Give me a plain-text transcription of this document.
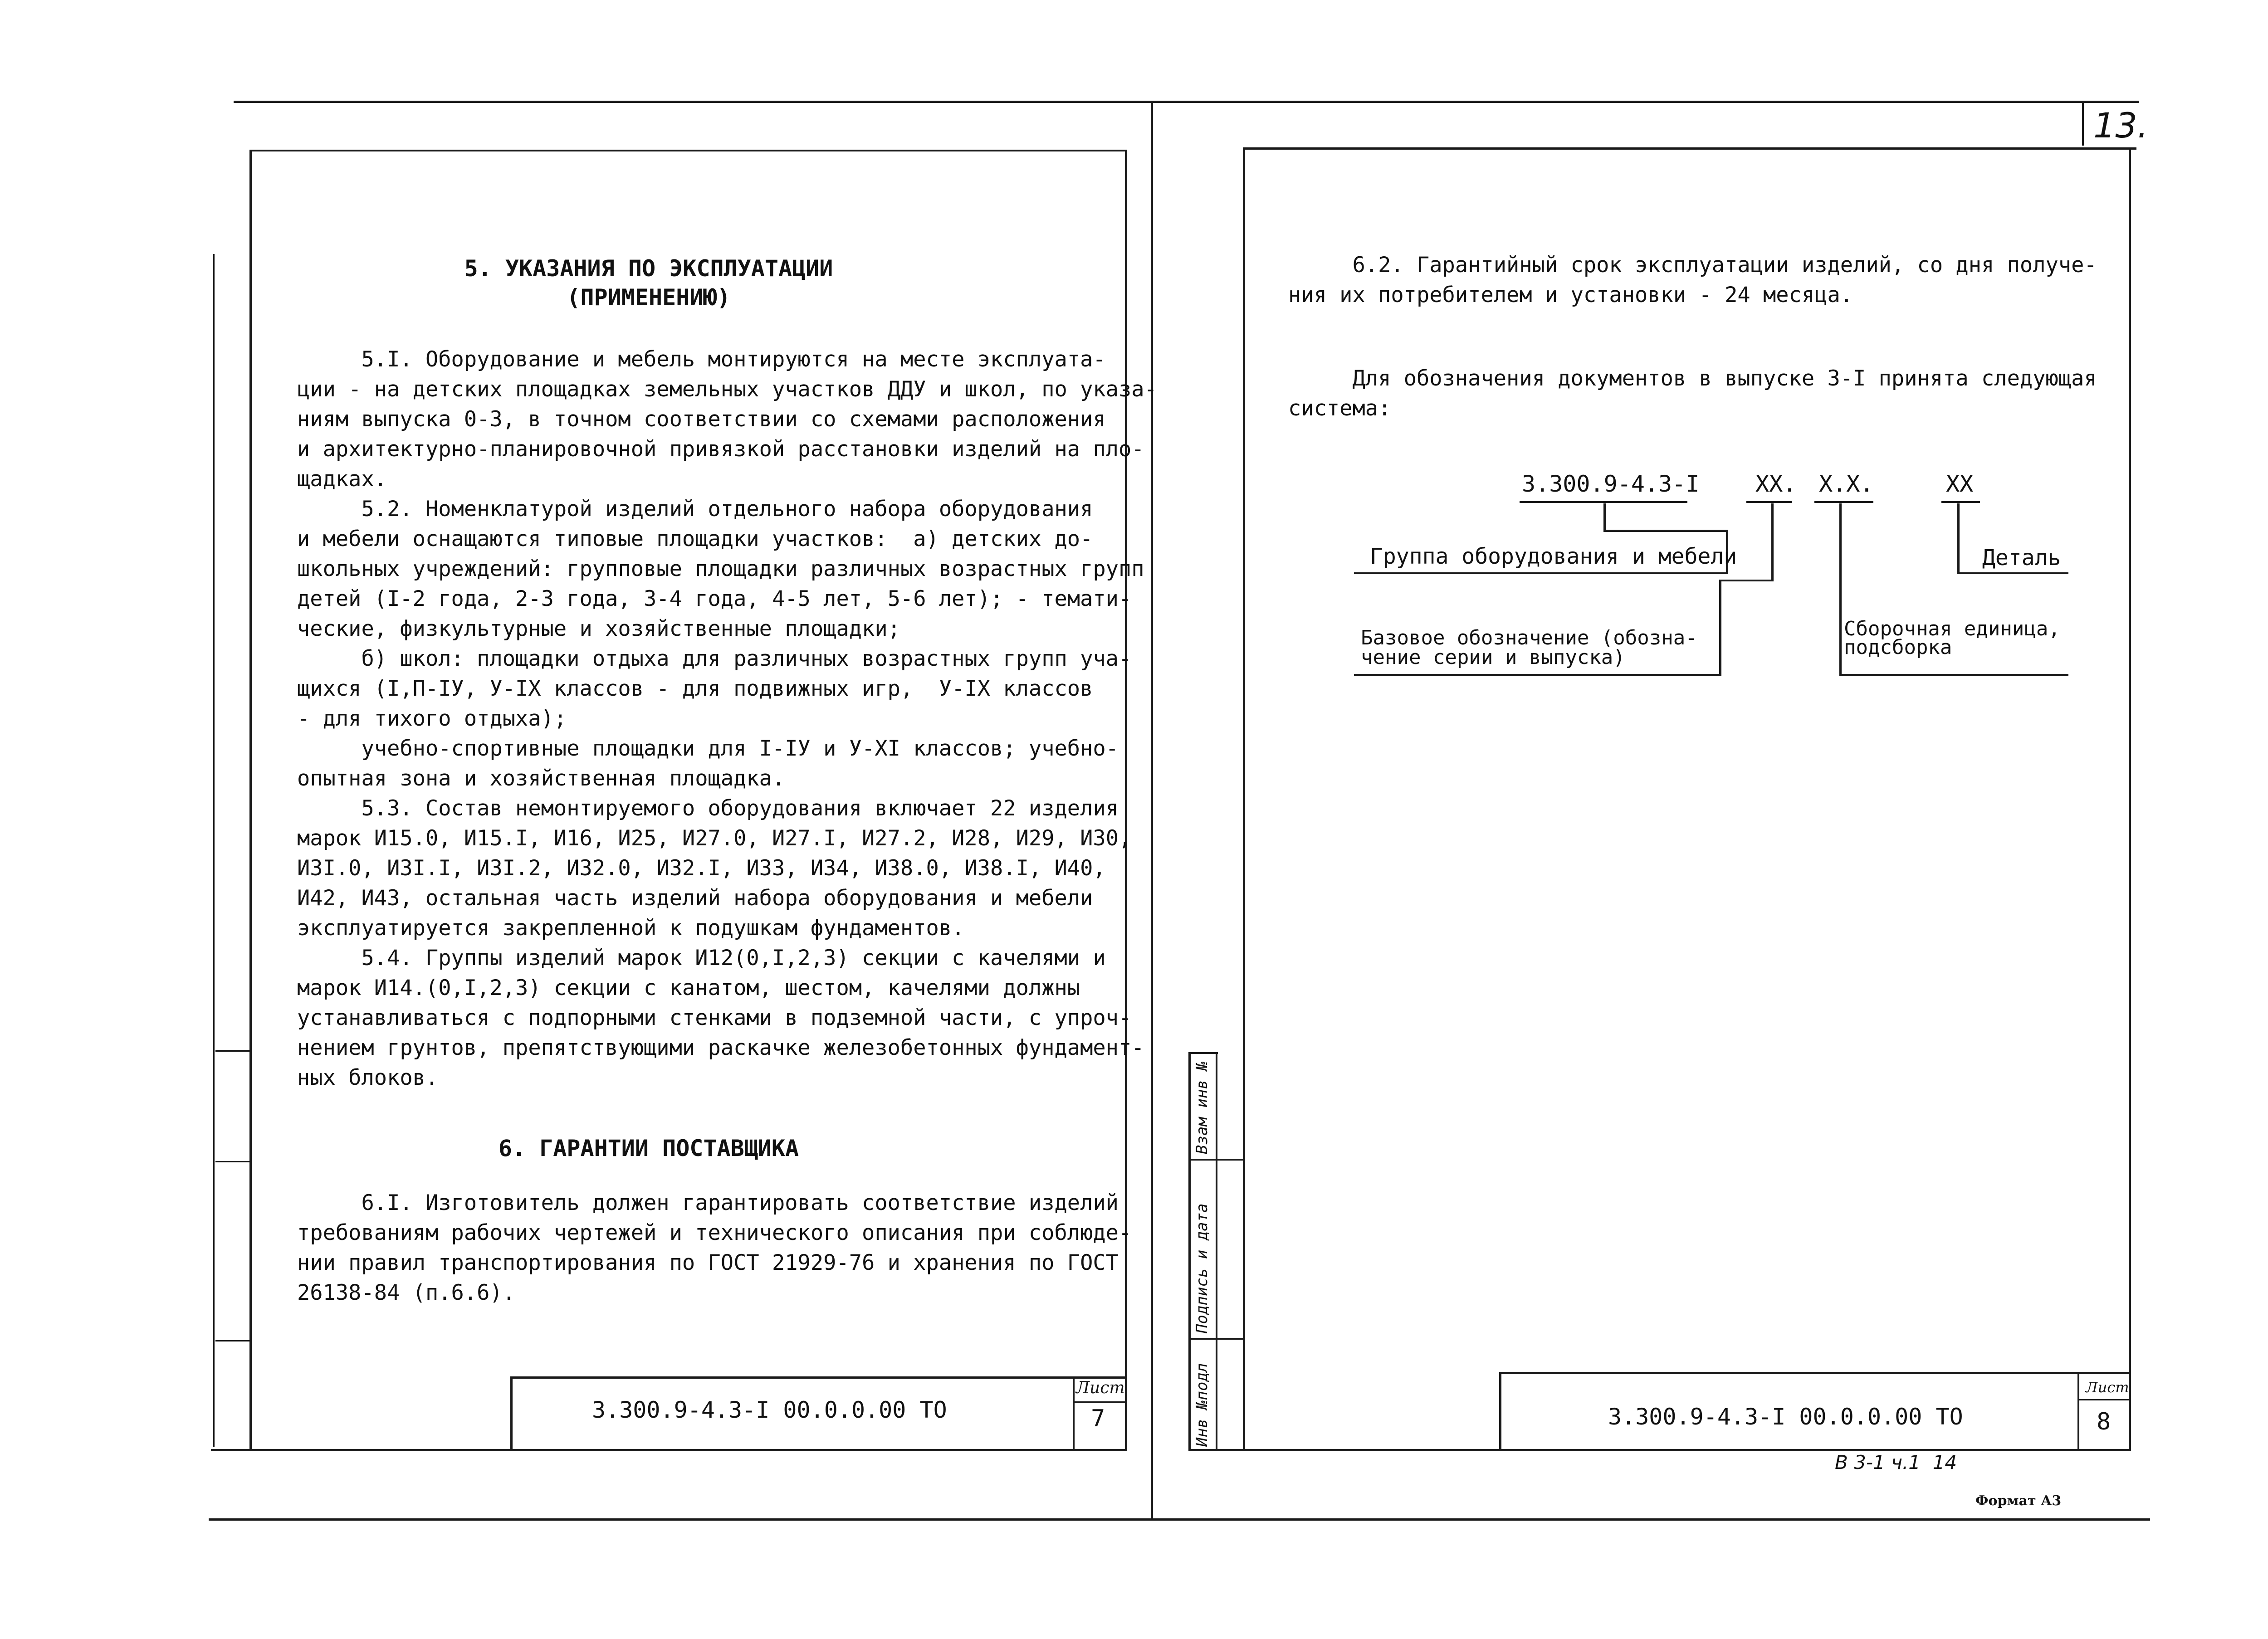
13.
5. УКАЗАНИЯ ПО ЭКСПЛУАТАЦИИ
(ПРИМЕНЕНИЮ)
5.I. Оборудование и мебель монтируются на месте эксплуата-
ции - на детских площадках земельных участков ДДУ и школ, по указа-
ниям выпуска 0-3, в точном соответствии со схемами расположения
и архитектурно-планировочной привязкой расстановки изделий на пло-
щадках.
5.2. Номенклатурой изделий отдельного набора оборудования
и мебели оснащаются типовые площадки участков:  а) детских до-
школьных учреждений: групповые площадки различных возрастных групп
детей (I-2 года, 2-3 года, 3-4 года, 4-5 лет, 5-6 лет); - темати-
ческие, физкультурные и хозяйственные площадки;
б) школ: площадки отдыха для различных возрастных групп уча-
щихся (I,П-IУ, У-IX классов - для подвижных игр,  У-IX классов
- для тихого отдыха);
учебно-спортивные площадки для I-IУ и У-XI классов; учебно-
опытная зона и хозяйственная площадка.
5.3. Состав немонтируемого оборудования включает 22 изделия
марок И15.0, И15.I, И16, И25, И27.0, И27.I, И27.2, И28, И29, И30,
И3I.0, И3I.I, И3I.2, И32.0, И32.I, И33, И34, И38.0, И38.I, И40,
И42, И43, остальная часть изделий набора оборудования и мебели
эксплуатируется закрепленной к подушкам фундаментов.
5.4. Группы изделий марок И12(0,I,2,3) секции с качелями и
марок И14.(0,I,2,3) секции с канатом, шестом, качелями должны
устанавливаться с подпорными стенками в подземной части, с упроч-
нением грунтов, препятствующими раскачке железобетонных фундамент-
ных блоков.
6. ГАРАНТИИ ПОСТАВЩИКА
6.I. Изготовитель должен гарантировать соответствие изделий
требованиям рабочих чертежей и технического описания при соблюде-
нии правил транспортирования по ГОСТ 21929-76 и хранения по ГОСТ
26138-84 (п.6.6).
3.300.9-4.3-I 00.0.0.00 ТО
Лист
7
6.2. Гарантийный срок эксплуатации изделий, со дня получе-
ния их потребителем и установки - 24 месяца.
Для обозначения документов в выпуске 3-I принята следующая
система:
3.300.9-4.3-I XX. X.X.	XX
Группа оборудования и мебели
Базовое обозначение (обозна-
чение серии и выпуска)
Сборочная единица,
подсборка
Деталь
Инв №подл
Подпись и дата
Взам инв №
3.300.9-4.3-I 00.0.0.00 ТО
Лист
8
В 3-1 ч.1  14
Формат А3
